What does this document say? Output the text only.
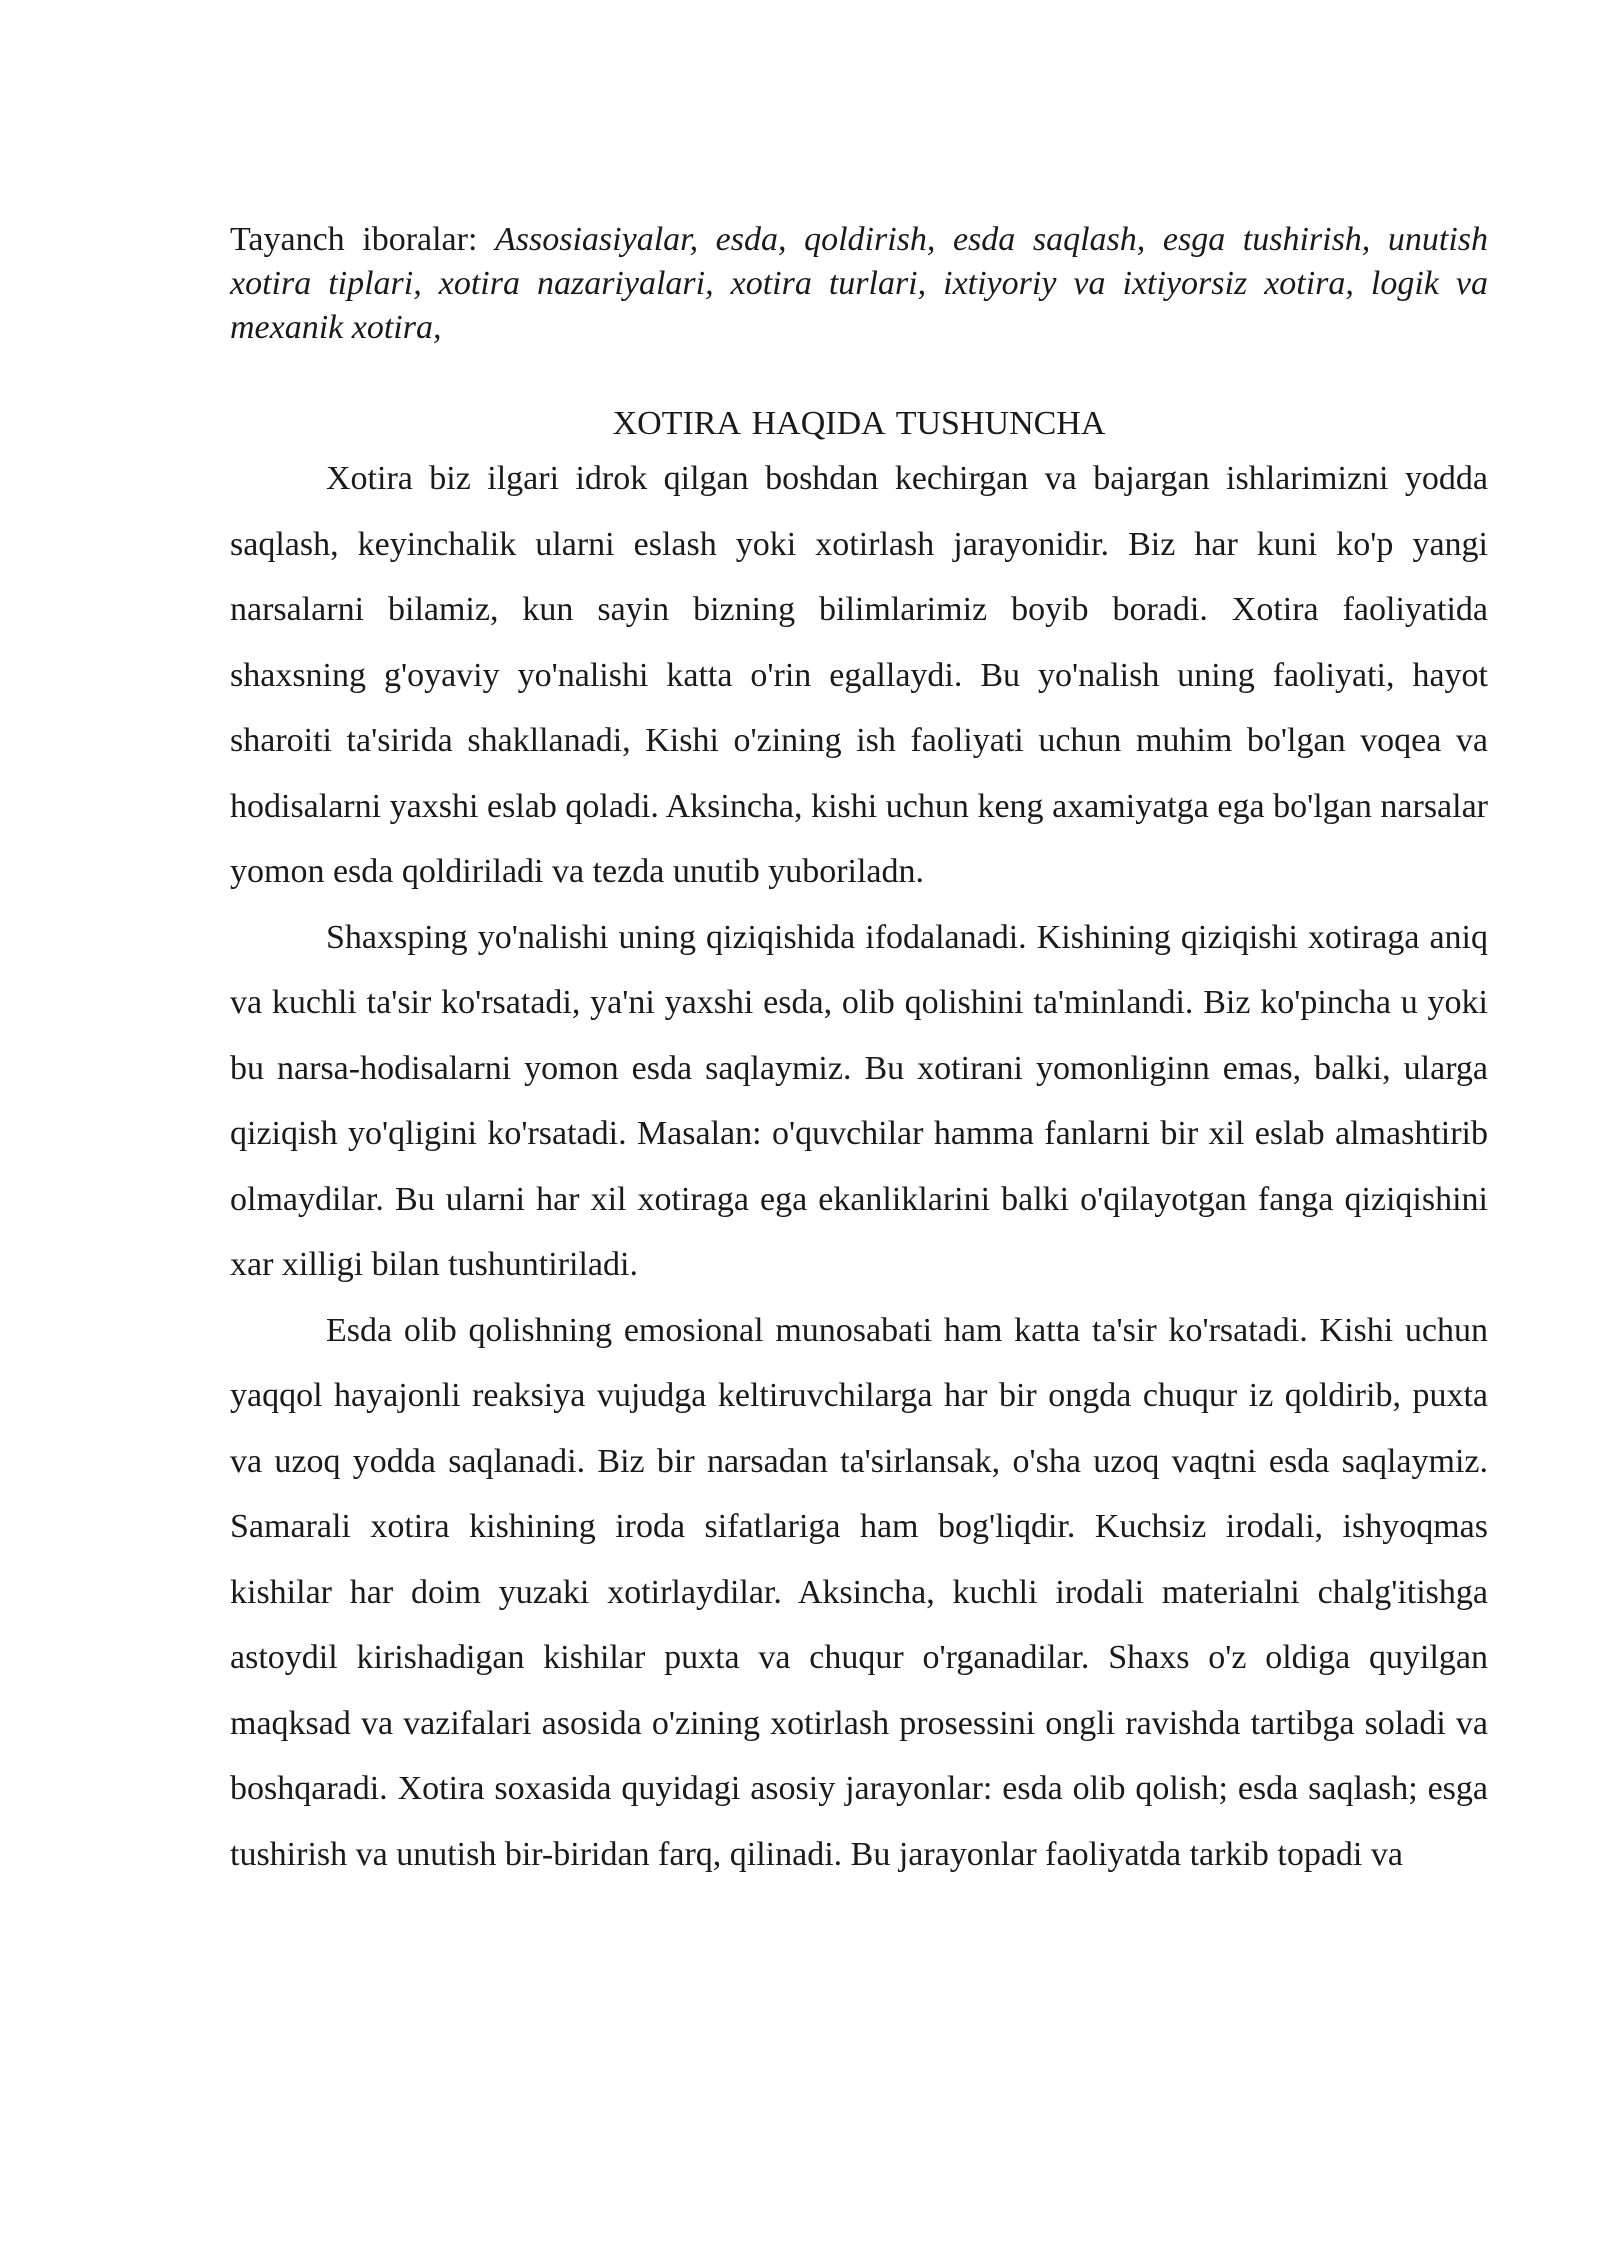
Tayanch iboralar: Assosiasiyalar, esda, qoldirish, esda saqlash, esga tushirish, unutish xotira tiplari, xotira nazariyalari, xotira turlari, ixtiyoriy va ixtiyorsiz xotira, logik va mexanik xotira,

XOTIRA HAQIDA TUSHUNCHA

Xotira biz ilgari idrok qilgan boshdan kechirgan va bajargan ishlarimizni yodda saqlash, keyinchalik ularni eslash yoki xotirlash jarayonidir. Biz har kuni ko'p yangi narsalarni bilamiz, kun sayin bizning bilimlarimiz boyib boradi. Xotira faoliyatida shaxsning g'oyaviy yo'nalishi katta o'rin egallaydi. Bu yo'nalish uning faoliyati, hayot sharoiti ta'sirida shakllanadi, Kishi o'zining ish faoliyati uchun muhim bo'lgan voqea va hodisalarni yaxshi eslab qoladi. Aksincha, kishi uchun keng axamiyatga ega bo'lgan narsalar yomon esda qoldiriladi va tezda unutib yuboriladn.

Shaxsping yo'nalishi uning qiziqishida ifodalanadi. Kishining qiziqishi xotiraga aniq va kuchli ta'sir ko'rsatadi, ya'ni yaxshi esda, olib qolishini ta'minlandi. Biz ko'pincha u yoki bu narsa-hodisalarni yomon esda saqlaymiz. Bu xotirani yomonliginn emas, balki, ularga qiziqish yo'qligini ko'rsatadi. Masalan: o'quvchilar hamma fanlarni bir xil eslab almashtirib olmaydilar. Bu ularni har xil xotiraga ega ekanliklarini balki o'qilayotgan fanga qiziqishini xar xilligi bilan tushuntiriladi.

Esda olib qolishning emosional munosabati ham katta ta'sir ko'rsatadi. Kishi uchun yaqqol hayajonli reaksiya vujudga keltiruvchilarga har bir ongda chuqur iz qoldirib, puxta va uzoq yodda saqlanadi. Biz bir narsadan ta'sirlansak, o'sha uzoq vaqtni esda saqlaymiz. Samarali xotira kishining iroda sifatlariga ham bog'liqdir. Kuchsiz irodali, ishyoqmas kishilar har doim yuzaki xotirlaydilar. Aksincha, kuchli irodali materialni chalg'itishga astoydil kirishadigan kishilar puxta va chuqur o'rganadilar. Shaxs o'z oldiga quyilgan maqksad va vazifalari asosida o'zining xotirlash prosessini ongli ravishda tartibga soladi va boshqaradi. Xotira soxasida quyidagi asosiy jarayonlar: esda olib qolish; esda saqlash; esga tushirish va unutish bir-biridan farq, qilinadi. Bu jarayonlar faoliyatda tarkib topadi va
